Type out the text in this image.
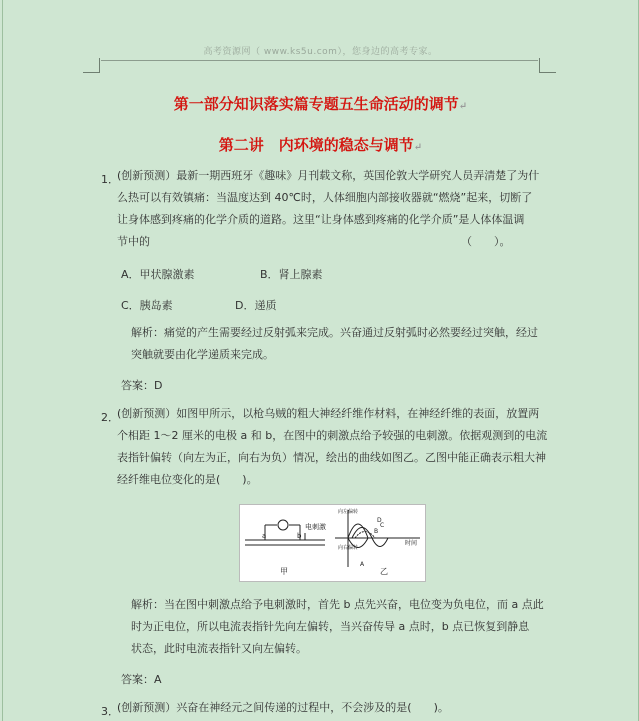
高考资源网（ www.ks5u.com），您身边的高考专家。
第一部分知识落实篇专题五生命活动的调节↵
第二讲　内环境的稳态与调节↵
1．
(创新预测）最新一期西班牙《趣味》月刊载文称，英国伦敦大学研究人员弄清楚了为什
么热可以有效镇痛：当温度达到 40℃时，人体细胞内部接收器就“燃烧”起来，切断了
让身体感到疼痛的化学介质的道路。这里“让身体感到疼痛的化学介质”是人体体温调
节中的	（　　）。
A．甲状腺激素	B．肾上腺素
C．胰岛素	D．递质
解析：痛觉的产生需要经过反射弧来完成。兴奋通过反射弧时必然要经过突触，经过
突触就要由化学递质来完成。
答案：D
2．
(创新预测）如图甲所示，以枪乌贼的粗大神经纤维作材料，在神经纤维的表面，放置两
个相距 1～2 厘米的电极 a 和 b，在图中的刺激点给予较强的电刺激。依据观测到的电流
表指针偏转（向左为正，向右为负）情况，绘出的曲线如图乙。乙图中能正确表示粗大神
经纤维电位变化的是(　　)。
电刺激
a	b
甲
向左偏转
向右偏转
时间
A
B
C
D
乙
解析：当在图中刺激点给予电刺激时，首先 b 点先兴奋，电位变为负电位，而 a 点此
时为正电位，所以电流表指针先向左偏转，当兴奋传导 a 点时，b 点已恢复到静息
状态，此时电流表指针又向左偏转。
答案：A
3．
(创新预测）兴奋在神经元之间传递的过程中，不会涉及的是(　　)。
